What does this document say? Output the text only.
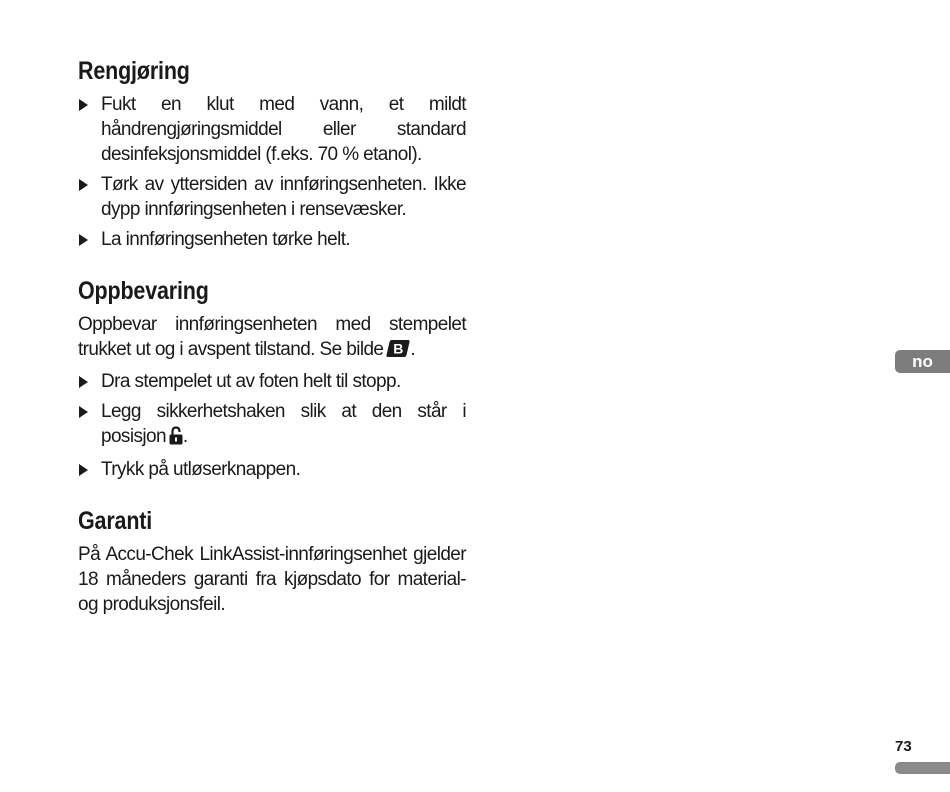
Rengjøring
Fukt en klut med vann, et mildt håndrengjøringsmiddel eller standard desinfeksjonsmiddel (f.eks. 70 % etanol).
Tørk av yttersiden av innføringsenheten. Ikke dypp innføringsenheten i rensevæsker.
La innføringsenheten tørke helt.
Oppbevaring

Oppbevar innføringsenheten med stempelet trukket ut og i avspent tilstand. Se bilde B .

Dra stempelet ut av foten helt til stopp.
Legg sikkerhetshaken slik at den står i posisjon .
Trykk på utløserknappen.
Garanti

På Accu-Chek LinkAssist-innføringsenhet gjelder 18 måneders garanti fra kjøpsdato for material- og produksjonsfeil.

no
73
